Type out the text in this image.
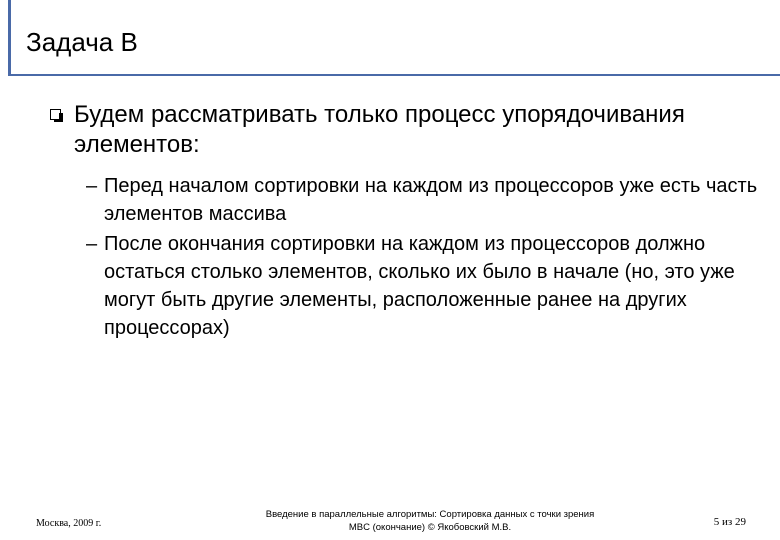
Задача В
Будем рассматривать только процесс упорядочивания элементов:
– Перед началом сортировки на каждом из процессоров уже есть часть элементов массива
– После окончания сортировки на каждом из процессоров должно остаться столько элементов, сколько их было в начале (но, это уже могут быть другие элементы, расположенные ранее на других процессорах)
Москва, 2009 г.
Введение в параллельные алгоритмы: Сортировка данных с точки зрения MBC (окончание) © Якобовский М.В.	5 из 29
